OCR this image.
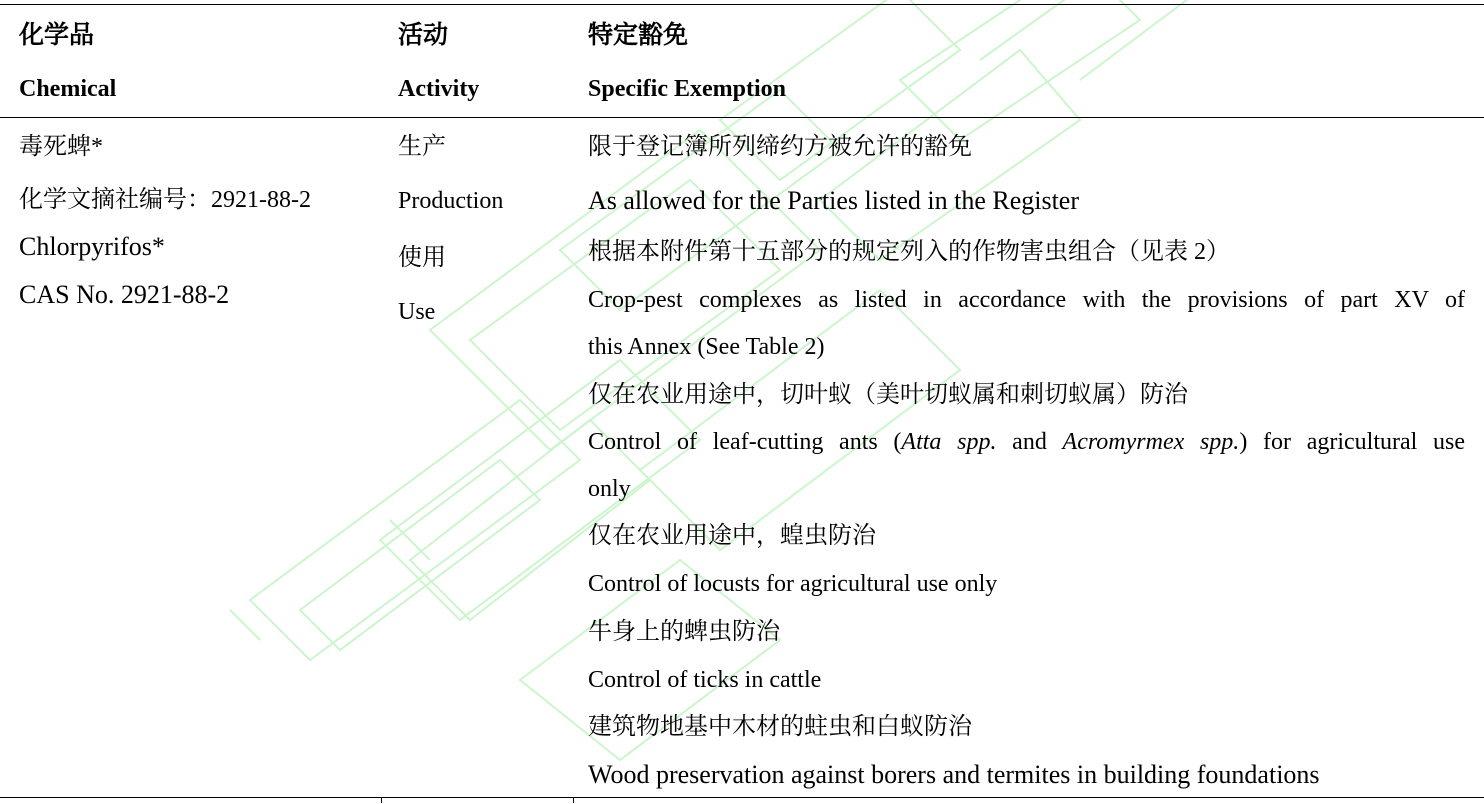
化学品
Chemical
活动
Activity
特定豁免
Specific Exemption
毒死蜱*
化学文摘社编号：2921-88-2
Chlorpyrifos*
CAS No. 2921-88-2
生产
Production
使用
Use
限于登记簿所列缔约方被允许的豁免
As allowed for the Parties listed in the Register
根据本附件第十五部分的规定列入的作物害虫组合（见表 2）
Crop-pest complexes as listed in accordance with the provisions of part XV of
this Annex (See Table 2)
仅在农业用途中，切叶蚁（美叶切蚁属和刺切蚁属）防治
Control of leaf-cutting ants (Atta spp. and Acromyrmex spp.) for agricultural use
only
仅在农业用途中，蝗虫防治
Control of locusts for agricultural use only
牛身上的蜱虫防治
Control of ticks in cattle
建筑物地基中木材的蛀虫和白蚁防治
Wood preservation against borers and termites in building foundations
